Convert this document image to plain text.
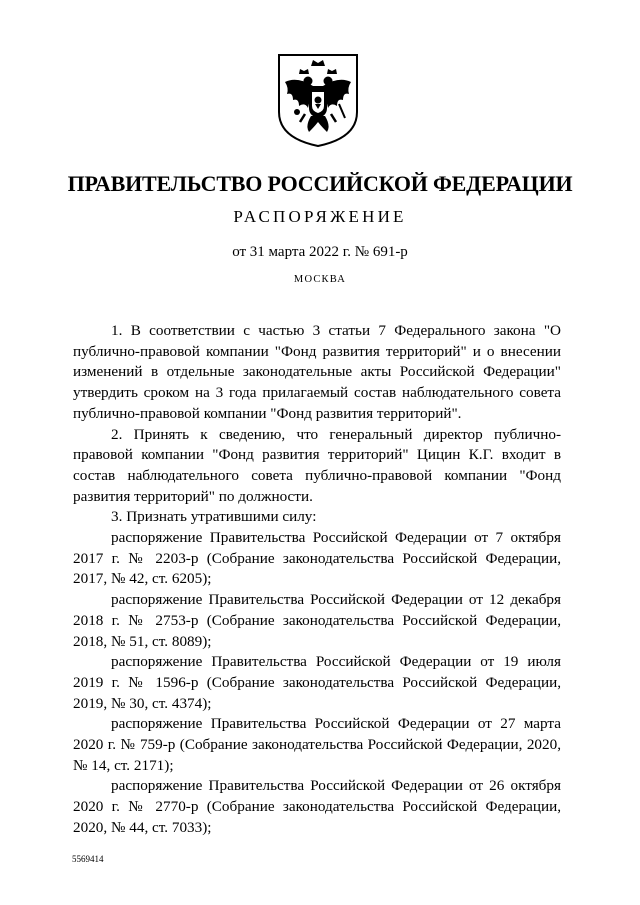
ПРАВИТЕЛЬСТВО РОССИЙСКОЙ ФЕДЕРАЦИИ
РАСПОРЯЖЕНИЕ
от 31 марта 2022 г. № 691-р
МОСКВА

1. В соответствии с частью 3 статьи 7 Федерального закона "О публично-правовой компании "Фонд развития территорий" и о внесении изменений в отдельные законодательные акты Российской Федерации" утвердить сроком на 3 года прилагаемый состав наблюдательного совета публично-правовой компании "Фонд развития территорий".

2. Принять к сведению, что генеральный директор публично-правовой компании "Фонд развития территорий" Цицин К.Г. входит в состав наблюдательного совета публично-правовой компании "Фонд развития территорий" по должности.

3. Признать утратившими силу:

распоряжение Правительства Российской Федерации от 7 октября 2017 г. № 2203-р (Собрание законодательства Российской Федерации, 2017, № 42, ст. 6205);

распоряжение Правительства Российской Федерации от 12 декабря 2018 г. № 2753-р (Собрание законодательства Российской Федерации, 2018, № 51, ст. 8089);

распоряжение Правительства Российской Федерации от 19 июля 2019 г. № 1596-р (Собрание законодательства Российской Федерации, 2019, № 30, ст. 4374);

распоряжение Правительства Российской Федерации от 27 марта 2020 г. № 759-р (Собрание законодательства Российской Федерации, 2020, № 14, ст. 2171);

распоряжение Правительства Российской Федерации от 26 октября 2020 г. № 2770-р (Собрание законодательства Российской Федерации, 2020, № 44, ст. 7033);

5569414
